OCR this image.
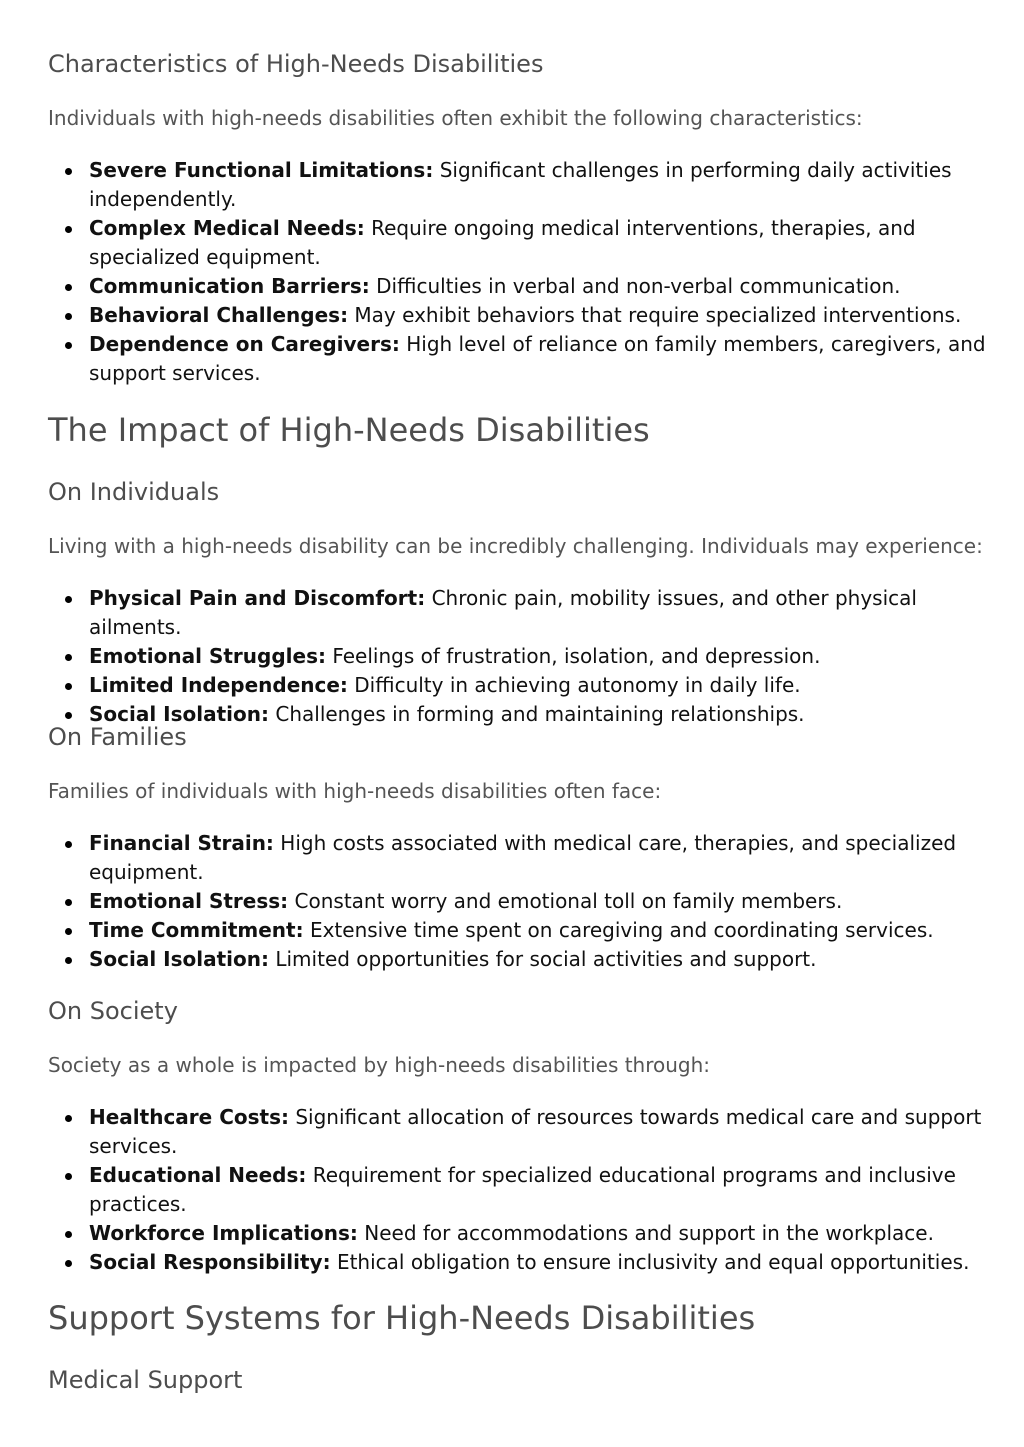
Characteristics of High-Needs Disabilities

Individuals with high-needs disabilities often exhibit the following characteristics:

Severe Functional Limitations: Significant challenges in performing daily activities independently.
Complex Medical Needs: Require ongoing medical interventions, therapies, and specialized equipment.
Communication Barriers: Difficulties in verbal and non-verbal communication.
Behavioral Challenges: May exhibit behaviors that require specialized interventions.
Dependence on Caregivers: High level of reliance on family members, caregivers, and support services.
The Impact of High-Needs Disabilities
On Individuals

Living with a high-needs disability can be incredibly challenging. Individuals may experience:

Physical Pain and Discomfort: Chronic pain, mobility issues, and other physical ailments.
Emotional Struggles: Feelings of frustration, isolation, and depression.
Limited Independence: Difficulty in achieving autonomy in daily life.
Social Isolation: Challenges in forming and maintaining relationships.
On Families

Families of individuals with high-needs disabilities often face:

Financial Strain: High costs associated with medical care, therapies, and specialized equipment.
Emotional Stress: Constant worry and emotional toll on family members.
Time Commitment: Extensive time spent on caregiving and coordinating services.
Social Isolation: Limited opportunities for social activities and support.
On Society

Society as a whole is impacted by high-needs disabilities through:

Healthcare Costs: Significant allocation of resources towards medical care and support services.
Educational Needs: Requirement for specialized educational programs and inclusive practices.
Workforce Implications: Need for accommodations and support in the workplace.
Social Responsibility: Ethical obligation to ensure inclusivity and equal opportunities.
Support Systems for High-Needs Disabilities
Medical Support
